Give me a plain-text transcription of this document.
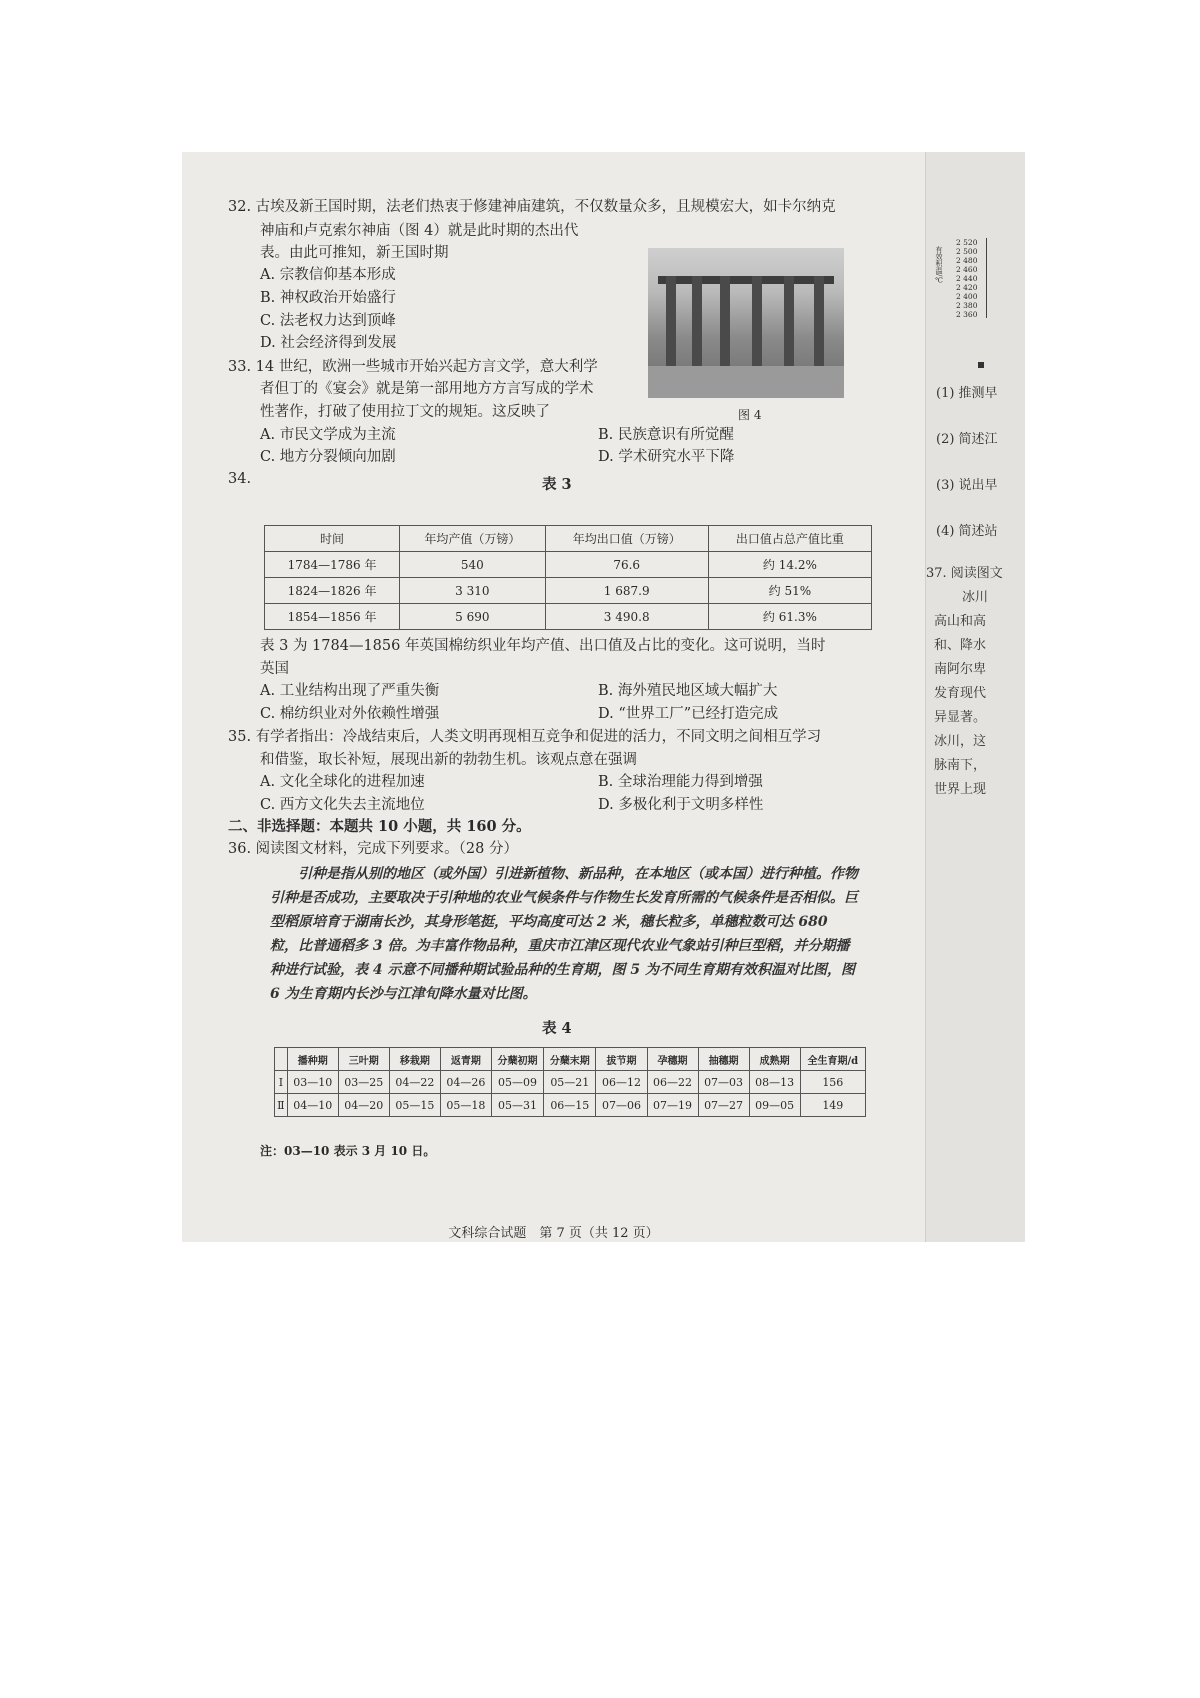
32. 古埃及新王国时期，法老们热衷于修建神庙建筑，不仅数量众多，且规模宏大，如卡尔纳克
神庙和卢克索尔神庙（图 4）就是此时期的杰出代
表。由此可推知，新王国时期
A. 宗教信仰基本形成
B. 神权政治开始盛行
C. 法老权力达到顶峰
D. 社会经济得到发展
图 4
33. 14 世纪，欧洲一些城市开始兴起方言文学，意大利学
者但丁的《宴会》就是第一部用地方方言写成的学术
性著作，打破了使用拉丁文的规矩。这反映了
A. 市民文学成为主流	B. 民族意识有所觉醒
C. 地方分裂倾向加剧	D. 学术研究水平下降
34.	表 3
时间	年均产值（万镑）	年均出口值（万镑）	出口值占总产值比重
1784—1786 年	540	76.6	约 14.2%
1824—1826 年	3 310	1 687.9	约 51%
1854—1856 年	5 690	3 490.8	约 61.3%
表 3 为 1784—1856 年英国棉纺织业年均产值、出口值及占比的变化。这可说明，当时
英国
A. 工业结构出现了严重失衡	B. 海外殖民地区域大幅扩大
C. 棉纺织业对外依赖性增强	D. “世界工厂”已经打造完成
35. 有学者指出：冷战结束后，人类文明再现相互竞争和促进的活力，不同文明之间相互学习
和借鉴，取长补短，展现出新的勃勃生机。该观点意在强调
A. 文化全球化的进程加速	B. 全球治理能力得到增强
C. 西方文化失去主流地位	D. 多极化利于文明多样性
二、非选择题：本题共 10 小题，共 160 分。
36. 阅读图文材料，完成下列要求。（28 分）
引种是指从别的地区（或外国）引进新植物、新品种，在本地区（或本国）进行种植。作物引种是否成功，主要取决于引种地的农业气候条件与作物生长发育所需的气候条件是否相似。巨型稻原培育于湖南长沙，其身形笔挺，平均高度可达 2 米，穗长粒多，单穗粒数可达 680 粒，比普通稻多 3 倍。为丰富作物品种，重庆市江津区现代农业气象站引种巨型稻，并分期播种进行试验，表 4 示意不同播种期试验品种的生育期，图 5 为不同生育期有效积温对比图，图 6 为生育期内长沙与江津旬降水量对比图。
表 4
	播种期	三叶期	移栽期	返青期	分蘖初期	分蘖末期	拔节期	孕穗期	抽穗期	成熟期	全生育期/d
Ⅰ	03—10	03—25	04—22	04—26	05—09	05—21	06—12	06—22	07—03	08—13	156
Ⅱ	04—10	04—20	05—15	05—18	05—31	06—15	07—06	07—19	07—27	09—05	149
注：03—10 表示 3 月 10 日。
文科综合试题　第 7 页（共 12 页）
有效积温/℃
2 520
2 500
2 480
2 460
2 440
2 420
2 400
2 380
2 360
(1) 推测早
(2) 简述江
(3) 说出早
(4) 简述站
37. 阅读图文
冰川
高山和高
和、降水
南阿尔卑
发育现代
异显著。
冰川，这
脉南下，
世界上现
